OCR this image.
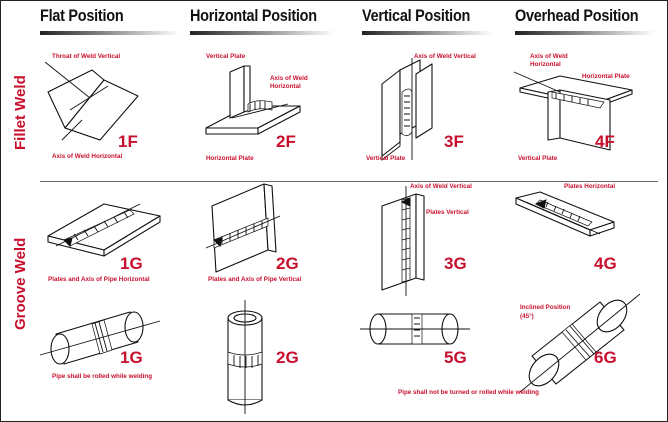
Flat Position	Horizontal Position	Vertical Position	Overhead Position
Fillet Weld
Groove Weld
Throat of Weld Vertical
1F
Axis of Weld Horizontal
Vertical Plate
Axis of Weld Horizontal
2F
Horizontal Plate
Axis of Weld Vertical
3F
Vertical Plate
Axis of Weld Horizontal
Horizontal Plate
4F
Vertical Plate
1G
Plates and Axis of Pipe Horizontal
2G
Plates and Axis of Pipe Vertical
Axis of Weld Vertical
Plates Vertical
3G
Plates Horizontal
4G
1G
Pipe shall be rolled while welding
2G	5G
Pipe shall not be turned or rolled while welding
Inclined Position
(45°)
6G
